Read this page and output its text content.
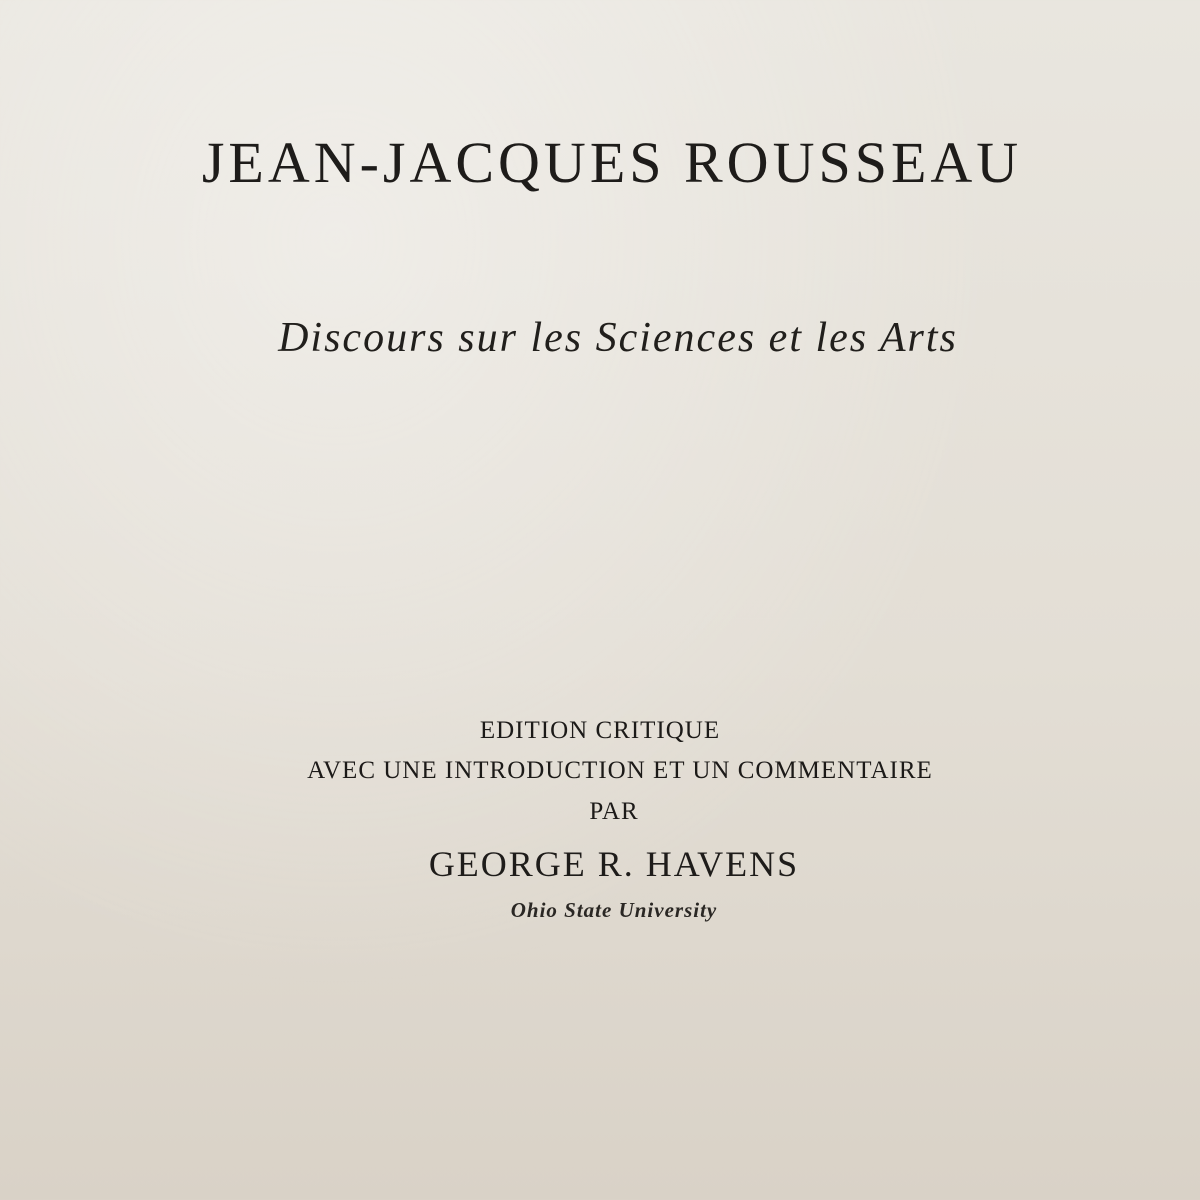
JEAN-JACQUES ROUSSEAU
Discours sur les Sciences et les Arts
EDITION CRITIQUE
AVEC UNE INTRODUCTION ET UN COMMENTAIRE
PAR
GEORGE R. HAVENS
Ohio State University
